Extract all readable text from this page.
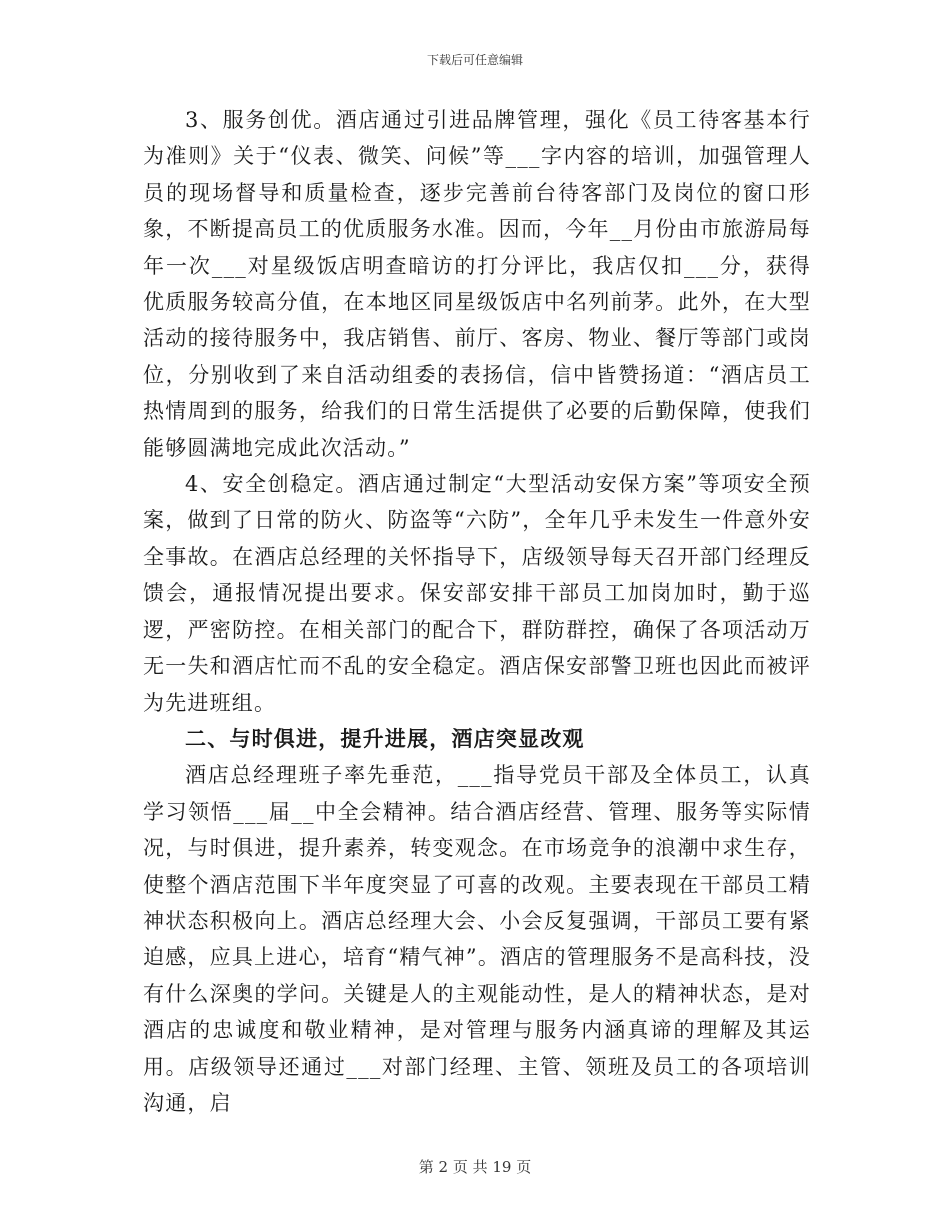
下载后可任意编辑

3、服务创优。酒店通过引进品牌管理，强化《员工待客基本行为准则》关于“仪表、微笑、问候”等___字内容的培训，加强管理人员的现场督导和质量检查，逐步完善前台待客部门及岗位的窗口形象，不断提高员工的优质服务水准。因而，今年__月份由市旅游局每年一次___对星级饭店明查暗访的打分评比，我店仅扣___分，获得优质服务较高分值，在本地区同星级饭店中名列前茅。此外，在大型活动的接待服务中，我店销售、前厅、客房、物业、餐厅等部门或岗位，分别收到了来自活动组委的表扬信，信中皆赞扬道：“酒店员工热情周到的服务，给我们的日常生活提供了必要的后勤保障，使我们能够圆满地完成此次活动。”

4、安全创稳定。酒店通过制定“大型活动安保方案”等项安全预案，做到了日常的防火、防盗等“六防”，全年几乎未发生一件意外安全事故。在酒店总经理的关怀指导下，店级领导每天召开部门经理反馈会，通报情况提出要求。保安部安排干部员工加岗加时，勤于巡逻，严密防控。在相关部门的配合下，群防群控，确保了各项活动万无一失和酒店忙而不乱的安全稳定。酒店保安部警卫班也因此而被评为先进班组。

二、与时俱进，提升进展，酒店突显改观

酒店总经理班子率先垂范，___指导党员干部及全体员工，认真学习领悟___届__中全会精神。结合酒店经营、管理、服务等实际情况，与时俱进，提升素养，转变观念。在市场竞争的浪潮中求生存，使整个酒店范围下半年度突显了可喜的改观。主要表现在干部员工精神状态积极向上。酒店总经理大会、小会反复强调，干部员工要有紧迫感，应具上进心，培育“精气神”。酒店的管理服务不是高科技，没有什么深奥的学问。关键是人的主观能动性，是人的精神状态，是对酒店的忠诚度和敬业精神，是对管理与服务内涵真谛的理解及其运用。店级领导还通过___对部门经理、主管、领班及员工的各项培训沟通，启

第 2 页 共 19 页
